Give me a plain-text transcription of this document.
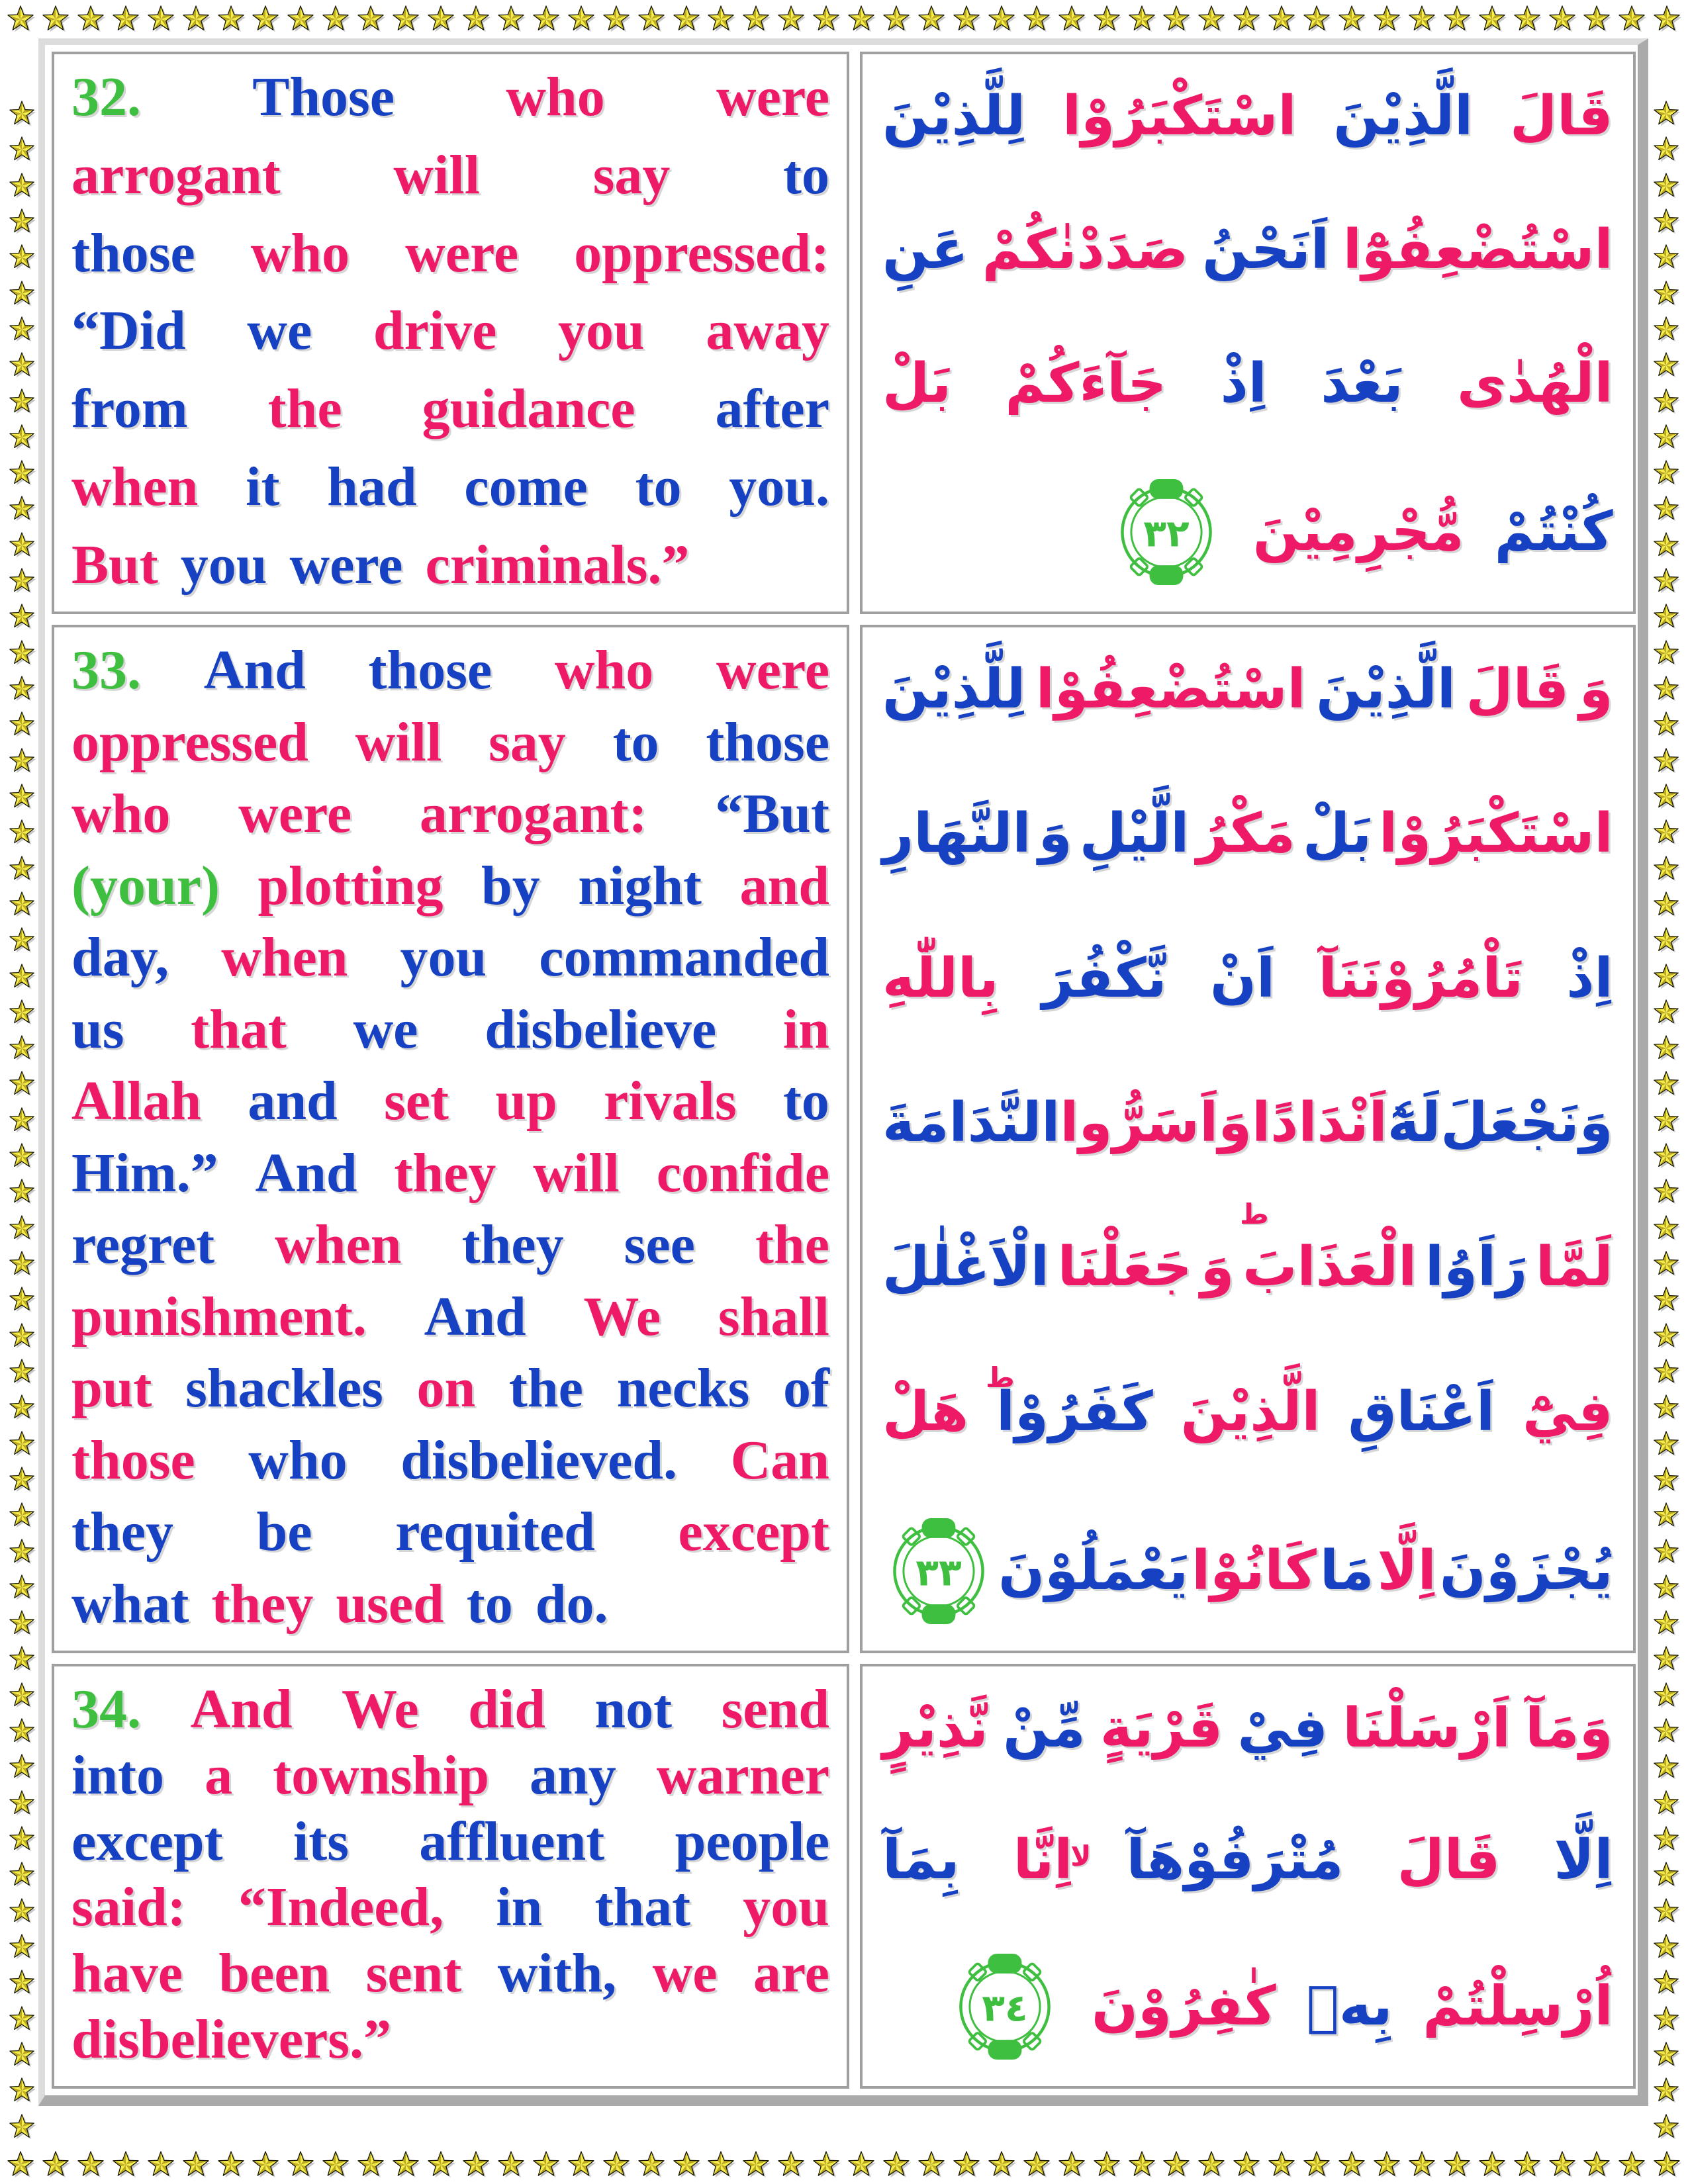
32. Those who were
arrogant will say to
those who were oppressed:
“Did we drive you away
from the guidance after
when it had come to you.
But you were criminals.”
قَالَ
الَّذِيْنَ
اسْتَكْبَرُوْا
لِلَّذِيْنَ
اسْتُضْعِفُوْٓا
اَنَحْنُ
صَدَدْنٰكُمْ
عَنِ
الْهُدٰى
بَعْدَ
اِذْ
جَآءَكُمْ
بَلْ
كُنْتُمْ
مُّجْرِمِيْنَ
٣٢
33. And those who were
oppressed will say to those
who were arrogant: “But
(your) plotting by night and
day, when you commanded
us that we disbelieve in
Allah and set up rivals to
Him.” And they will confide
regret when they see the
punishment. And We shall
put shackles on the necks of
those who disbelieved. Can
they be requited except
what they used to do.
وَ
قَالَ
الَّذِيْنَ
اسْتُضْعِفُوْا
لِلَّذِيْنَ
اسْتَكْبَرُوْا
بَلْ
مَكْرُ
الَّيْلِ
وَ
النَّهَارِ
اِذْ
تَاْمُرُوْنَنَآ
اَنْ
نَّكْفُرَ
بِاللّٰهِ
وَنَجْعَلَ
لَهٗٓ
اَنْدَادًا
وَاَسَرُّوا
النَّدَامَةَ
لَمَّا
رَاَوُا
الْعَذَابَ
وَ
جَعَلْنَا
الْاَغْلٰلَ
فِيْٓ
اَعْنَاقِ
الَّذِيْنَ
كَفَرُوْا
هَلْ
يُجْزَوْنَ
اِلَّا
مَا
كَانُوْا
يَعْمَلُوْنَ
٣٣
ط
ط
34. And We did not send
into a township any warner
except its affluent people
said: “Indeed, in that you
have been sent with, we are
disbelievers.”
وَمَآ
اَرْسَلْنَا
فِيْ
قَرْيَةٍ
مِّنْ
نَّذِيْرٍ
اِلَّا
قَالَ
مُتْرَفُوْهَآ
اِنَّا
بِمَآ
اُرْسِلْتُمْ
بِهٖ
كٰفِرُوْنَ
٣٤
لا
